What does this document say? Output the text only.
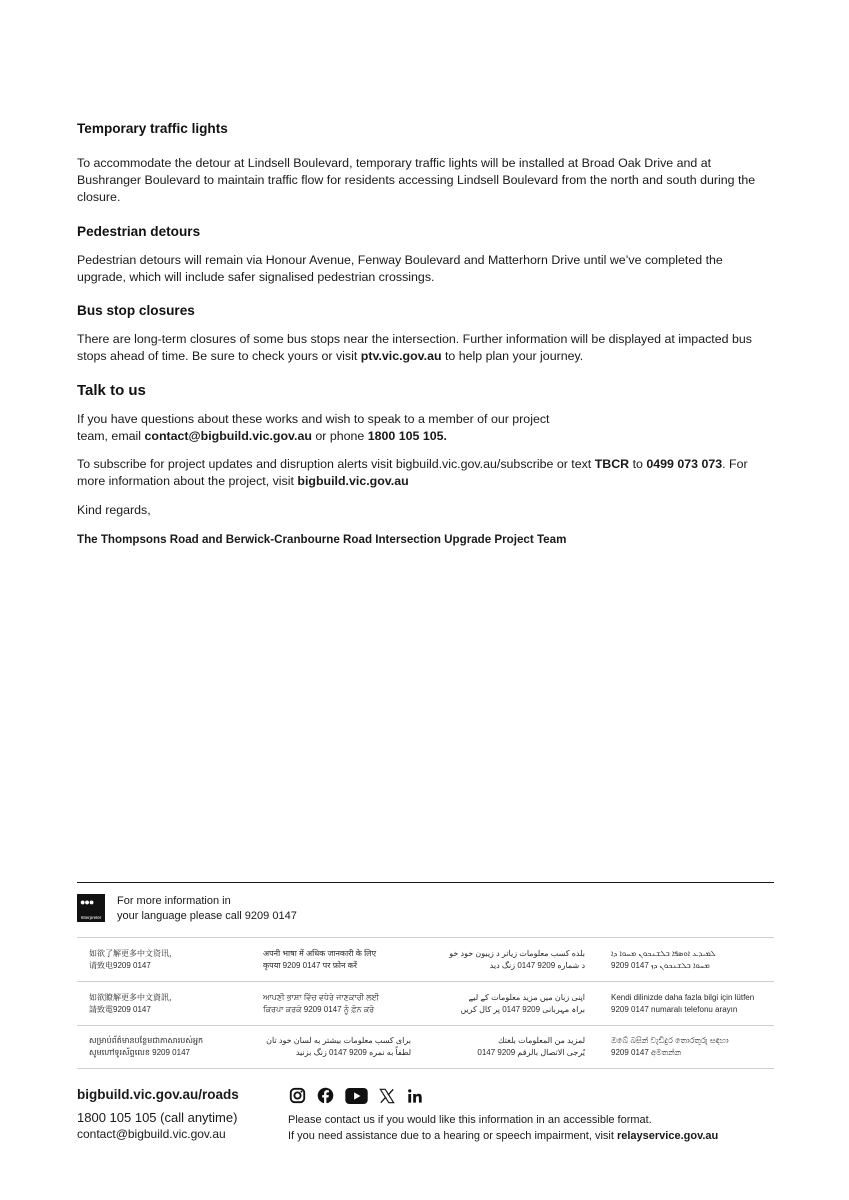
Temporary traffic lights

To accommodate the detour at Lindsell Boulevard, temporary traffic lights will be installed at Broad Oak Drive and at Bushranger Boulevard to maintain traffic flow for residents accessing Lindsell Boulevard from the north and south during the closure.

Pedestrian detours

Pedestrian detours will remain via Honour Avenue, Fenway Boulevard and Matterhorn Drive until we’ve completed the upgrade, which will include safer signalised pedestrian crossings.

Bus stop closures

There are long-term closures of some bus stops near the intersection. Further information will be displayed at impacted bus stops ahead of time. Be sure to check yours or visit ptv.vic.gov.au to help plan your journey.

Talk to us

If you have questions about these works and wish to speak to a member of our project team, email contact@bigbuild.vic.gov.au or phone 1800 105 105.

To subscribe for project updates and disruption alerts visit bigbuild.vic.gov.au/subscribe or text TBCR to 0499 073 073. For more information about the project, visit bigbuild.vic.gov.au

Kind regards,

The Thompsons Road and Berwick-Cranbourne Road Intersection Upgrade Project Team

●●●
Interpreter
For more information in
your language please call 9209 0147
如欲了解更多中文资讯，
请致电9209 0147
अपनी भाषा में अधिक जानकारी के लिए
कृपया 9209 0147 पर फ़ोन करें
بلده کسب معلومات زیاتر د زیبون خود خو
د شماره 9209 0147 زنگ دید
ܠܡܝܕܥ ܐܘܣܦܐ ܒܠܫܢܟܘܢ ܡܚܘܐ ܕܐ
9209 0147 ܡܚܘܐ ܒܠܫܢܟܘܢ ܕܙ
如欲瞭解更多中文資訊，
請致電9209 0147
ਆਪਣੀ ਭਾਸ਼ਾ ਵਿੱਚ ਵਧੇਰੇ ਜਾਣਕਾਰੀ ਲਈ
ਕਿਰਪਾ ਕਰਕੇ 9209 0147 ਨੂੰ ਫ਼ੋਨ ਕਰੋ
اپنی زبان میں مزید معلومات کے لیے
براہ مہربانی 9209 0147 پر کال کریں
Kendi dilinizde daha fazla bilgi için lütfen
9209 0147 numaralı telefonu arayın
សម្រាប់ព័ត៌មានបន្ថែមជាភាសារបស់អ្នក
សូមហៅទូរស័ព្ទលេខ 9209 0147
برای کسب معلومات بیشتر به لسان خود تان
لطفاً به نمره 9209 0147 زنگ بزنید
لمزيد من المعلومات بلغتك
يُرجى الاتصال بالرقم 9209 0147
ඔබේ බසින් වැඩිදුර තොරතුරු සඳහා
9209 0147 අමතන්න
bigbuild.vic.gov.au/roads
1800 105 105 (call anytime)
contact@bigbuild.vic.gov.au
Please contact us if you would like this information in an accessible format.
If you need assistance due to a hearing or speech impairment, visit relayservice.gov.au
